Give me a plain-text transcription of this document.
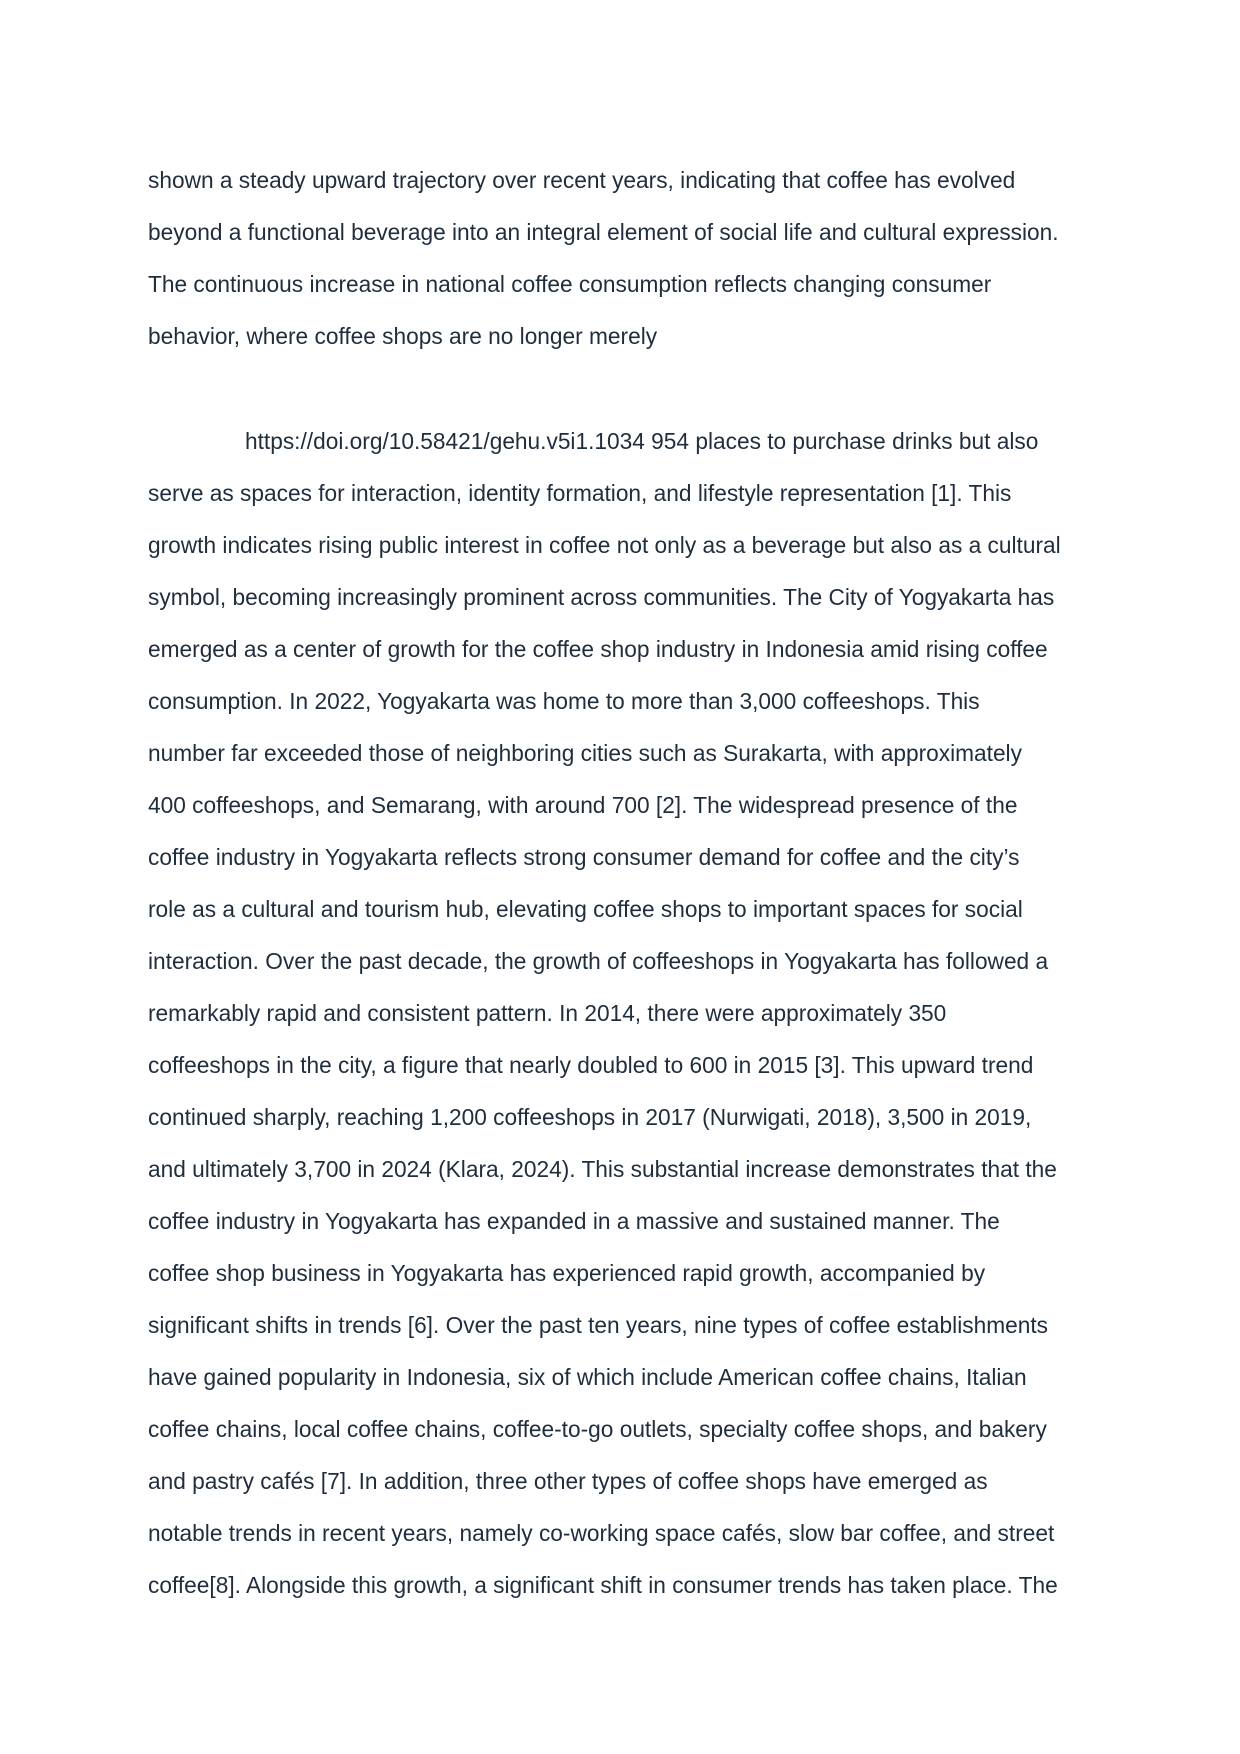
shown a steady upward trajectory over recent years, indicating that coffee has evolved

beyond a functional beverage into an integral element of social life and cultural expression.

The continuous increase in national coffee consumption reflects changing consumer

behavior, where coffee shops are no longer merely

https://doi.org/10.58421/gehu.v5i1.1034 954 places to purchase drinks but also

serve as spaces for interaction, identity formation, and lifestyle representation [1]. This

growth indicates rising public interest in coffee not only as a beverage but also as a cultural

symbol, becoming increasingly prominent across communities. The City of Yogyakarta has

emerged as a center of growth for the coffee shop industry in Indonesia amid rising coffee

consumption. In 2022, Yogyakarta was home to more than 3,000 coffeeshops. This

number far exceeded those of neighboring cities such as Surakarta, with approximately

400 coffeeshops, and Semarang, with around 700 [2]. The widespread presence of the

coffee industry in Yogyakarta reflects strong consumer demand for coffee and the city’s

role as a cultural and tourism hub, elevating coffee shops to important spaces for social

interaction. Over the past decade, the growth of coffeeshops in Yogyakarta has followed a

remarkably rapid and consistent pattern. In 2014, there were approximately 350

coffeeshops in the city, a figure that nearly doubled to 600 in 2015 [3]. This upward trend

continued sharply, reaching 1,200 coffeeshops in 2017 (Nurwigati, 2018), 3,500 in 2019,

and ultimately 3,700 in 2024 (Klara, 2024). This substantial increase demonstrates that the

coffee industry in Yogyakarta has expanded in a massive and sustained manner. The

coffee shop business in Yogyakarta has experienced rapid growth, accompanied by

significant shifts in trends [6]. Over the past ten years, nine types of coffee establishments

have gained popularity in Indonesia, six of which include American coffee chains, Italian

coffee chains, local coffee chains, coffee-to-go outlets, specialty coffee shops, and bakery

and pastry cafés [7]. In addition, three other types of coffee shops have emerged as

notable trends in recent years, namely co-working space cafés, slow bar coffee, and street

coffee[8]. Alongside this growth, a significant shift in consumer trends has taken place. The
